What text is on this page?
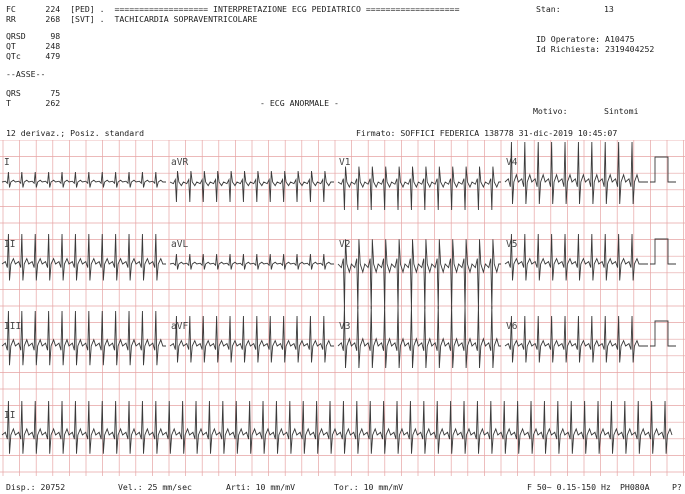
FC      224  [PED] .  =================== INTERPRETAZIONE ECG PEDIATRICO ===================
RR      268  [SVT] .  TACHICARDIA SOPRAVENTRICOLARE
QRSD     98
QT      248
QTc     479
--ASSE--
QRS      75
T       262	- ECG ANORMALE -
Stan:	13
ID Operatore: A10475
Id Richiesta: 2319404252
Motivo:	Sintomi
12 derivaz.; Posiz. standard	Firmato: SOFFICI FEDERICA 138778 31-dic-2019 10:45:07
I	aVR	V1	V4
II	aVL	V2	V5
III	aVF	V3	V6
II
Disp.: 20752	Vel.: 25 mm/sec	Arti: 10 mm/mV	Tor.: 10 mm/mV	F 50~ 0.15-150 Hz PH080A	P?
